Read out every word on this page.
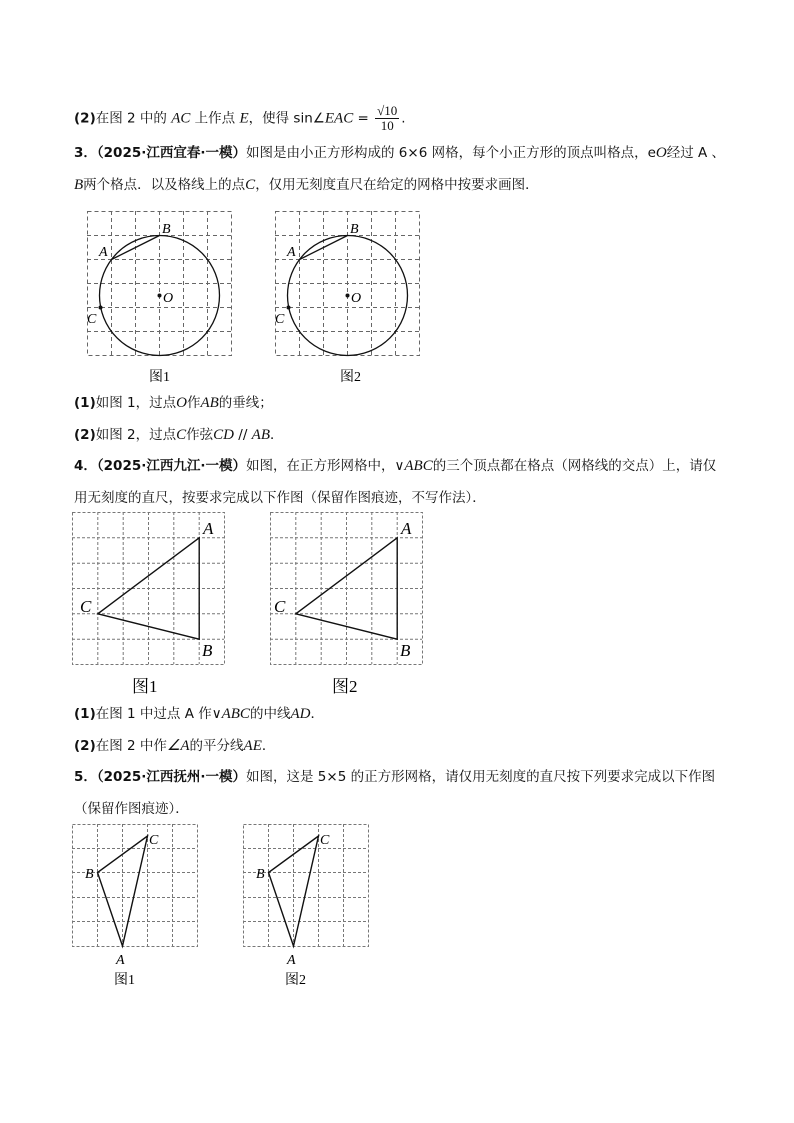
(2)在图 2 中的 AC 上作点 E，使得 sin∠EAC = $\frac{√10}{10}$ .
3．（2025·江西宜春·一模）如图是由小正方形构成的 6×6 网格，每个小正方形的顶点叫格点，eO经过 A 、
B两个格点．以及格线上的点C，仅用无刻度直尺在给定的网格中按要求画图．
B
A
O
C
图1
B
A
O
C
图2
(1)如图 1，过点O作AB的垂线；
(2)如图 2，过点C作弦CD // AB．
4．（2025·江西九江·一模）如图，在正方形网格中，∨ABC的三个顶点都在格点（网格线的交点）上，请仅
用无刻度的直尺，按要求完成以下作图（保留作图痕迹，不写作法）．
A
C
B
图1
A
C
B
图2
(1)在图 1 中过点 A 作∨ABC的中线AD．
(2)在图 2 中作∠A的平分线AE．
5．（2025·江西抚州·一模）如图，这是 5×5 的正方形网格，请仅用无刻度的直尺按下列要求完成以下作图
（保留作图痕迹）．
C
B
A
图1
C
B
A
图2
